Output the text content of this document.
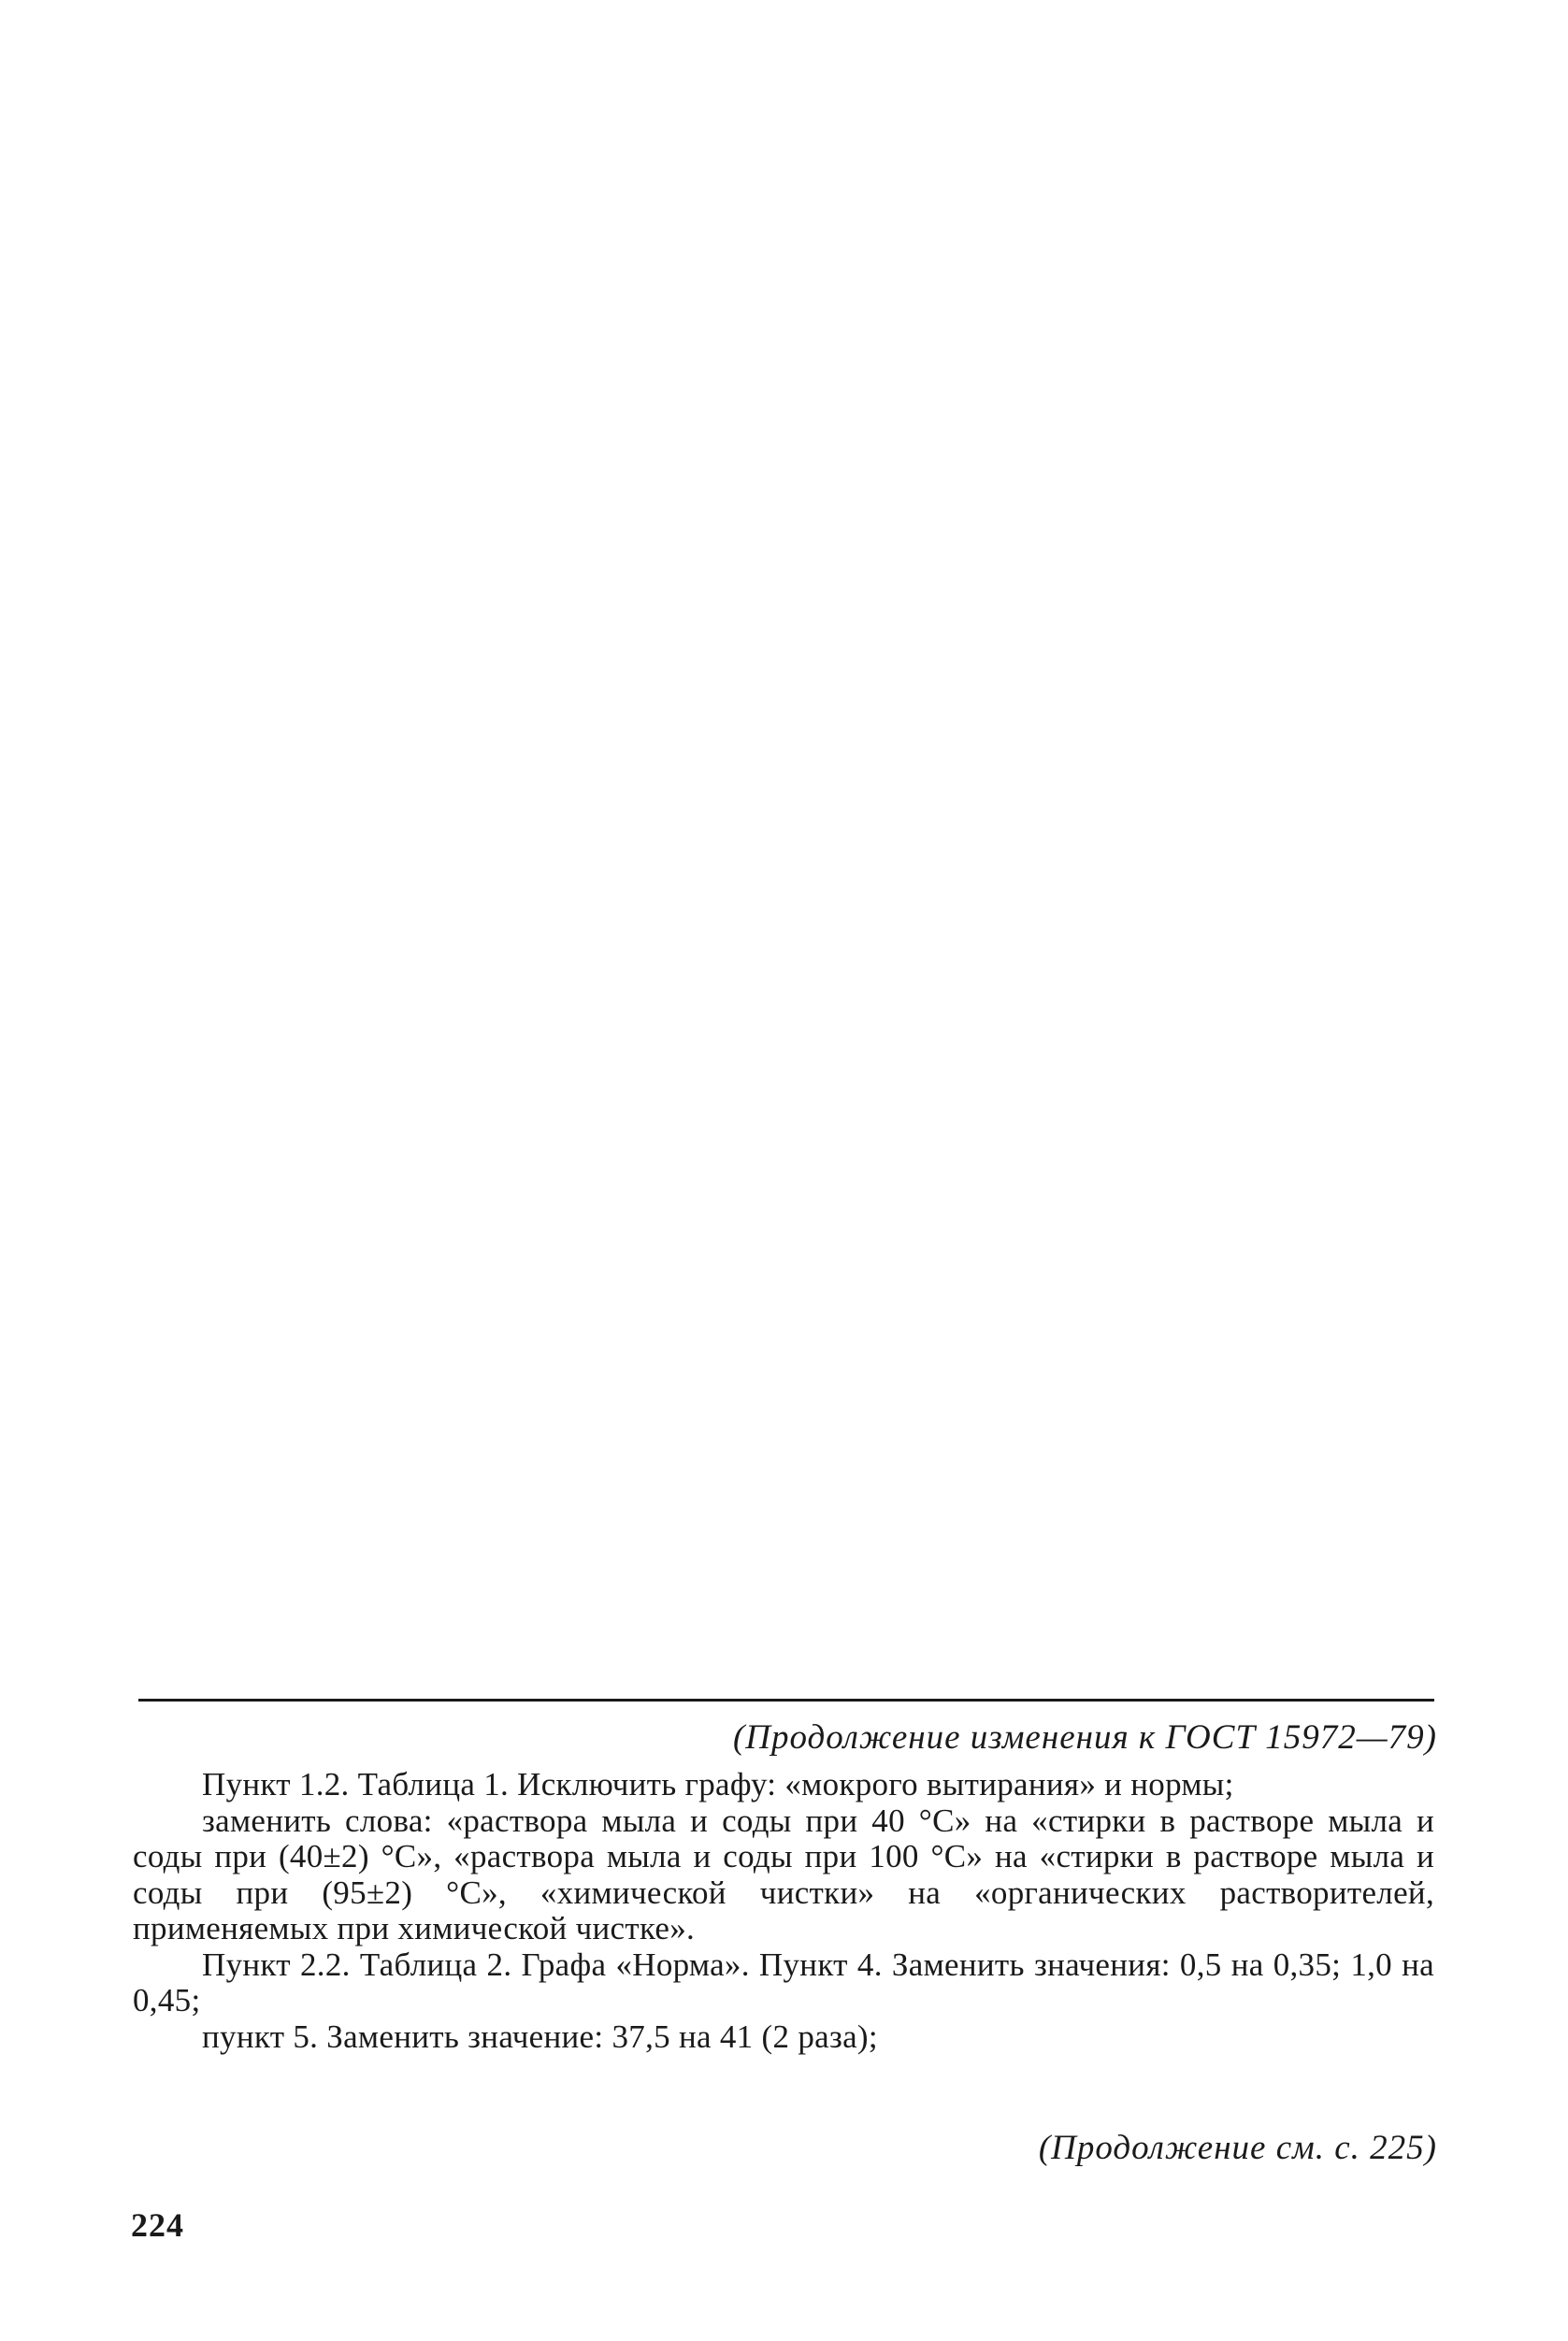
(Продолжение изменения к ГОСТ 15972—79)

Пункт 1.2. Таблица 1. Исключить графу: «мокрого вытирания» и нормы;

заменить слова: «раствора мыла и соды при 40 °С» на «стирки в растворе мыла и соды при (40±2) °С», «раствора мыла и соды при 100 °С» на «стирки в растворе мыла и соды при (95±2) °С», «химической чистки» на «органических растворителей, применяемых при химической чистке».

Пункт 2.2. Таблица 2. Графа «Норма». Пункт 4. Заменить значения: 0,5 на 0,35; 1,0 на 0,45;

пункт 5. Заменить значение: 37,5 на 41 (2 раза);

(Продолжение см. с. 225)
224
